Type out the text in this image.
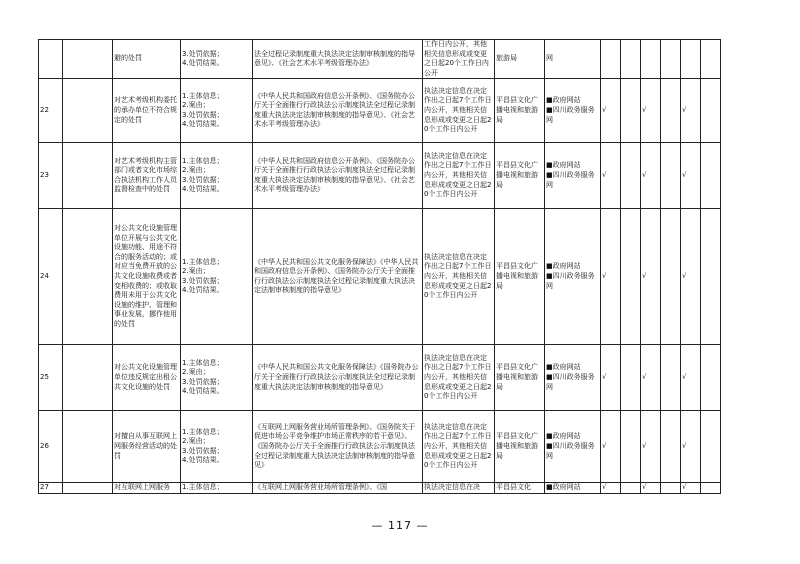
		避的处罚	3.处罚依据；
4.处罚结果。	法全过程记录制度重大执法决定法制审核制度的指导意见》、《社会艺术水平考级管理办法》	工作日内公开，其他相关信息形成或变更之日起20个工作日内公开	旅游局	网						
22		对艺术考级机构委托的承办单位不符合规定的处罚	1.主体信息；
2.案由；
3.处罚依据；
4.处罚结果。	《中华人民共和国政府信息公开条例》、《国务院办公厅关于全面推行行政执法公示制度执法全过程记录制度重大执法决定法制审核制度的指导意见》、《社会艺术水平考级管理办法》	执法决定信息在决定作出之日起7个工作日内公开，其他相关信息形成或变更之日起20个工作日内公开	平昌县文化广播电视和旅游局	■政府网站
■四川政务服务网	√		√		√	
23		对艺术考级机构主管部门或者文化市场综合执法机构工作人员监督检查中的处罚	1.主体信息；
2.案由；
3.处罚依据；
4.处罚结果。	《中华人民共和国政府信息公开条例》、《国务院办公厅关于全面推行行政执法公示制度执法全过程记录制度重大执法决定法制审核制度的指导意见》、《社会艺术水平考级管理办法》	执法决定信息在决定作出之日起7个工作日内公开，其他相关信息形成或变更之日起20个工作日内公开	平昌县文化广播电视和旅游局	■政府网站
■四川政务服务网	√		√		√	
24		对公共文化设施管理单位开展与公共文化设施功能、用途不符合的服务活动的；或对应当免费开放的公共文化设施收费或者变相收费的；或收取费用未用于公共文化设施的维护、管理和事业发展，挪作他用的处罚	1.主体信息；
2.案由；
3.处罚依据；
4.处罚结果。	《中华人民共和国公共文化服务保障法》《中华人民共和国政府信息公开条例》、《国务院办公厅关于全面推行行政执法公示制度执法全过程记录制度重大执法决定法制审核制度的指导意见》	执法决定信息在决定作出之日起7个工作日内公开，其他相关信息形成或变更之日起20个工作日内公开	平昌县文化广播电视和旅游局	■政府网站
■四川政务服务网	√		√		√	
25		对公共文化设施管理单位违反规定出租公共文化设施的处罚	1.主体信息；
2.案由；
3.处罚依据；
4.处罚结果。	《中华人民共和国公共文化服务保障法》《国务院办公厅关于全面推行行政执法公示制度执法全过程记录制度重大执法决定法制审核制度的指导意见》	执法决定信息在决定作出之日起7个工作日内公开，其他相关信息形成或变更之日起20个工作日内公开	平昌县文化广播电视和旅游局	■政府网站
■四川政务服务网	√		√		√	
26		对擅自从事互联网上网服务经营活动的处罚	1.主体信息；
2.案由；
3.处罚依据；
4.处罚结果。	《互联网上网服务营业场所管理条例》、《国务院关于促进市场公平竞争维护市场正常秩序的若干意见》、《国务院办公厅关于全面推行行政执法公示制度执法全过程记录制度重大执法决定法制审核制度的指导意见》	执法决定信息在决定作出之日起7个工作日内公开，其他相关信息形成或变更之日起20个工作日内公开	平昌县文化广播电视和旅游局	■政府网站
■四川政务服务网	√		√		√	
27		对互联网上网服务	1.主体信息；	《互联网上网服务营业场所管理条例》、《国	执法决定信息在决	平昌县文化	■政府网站	√		√		√	
— 117 —
